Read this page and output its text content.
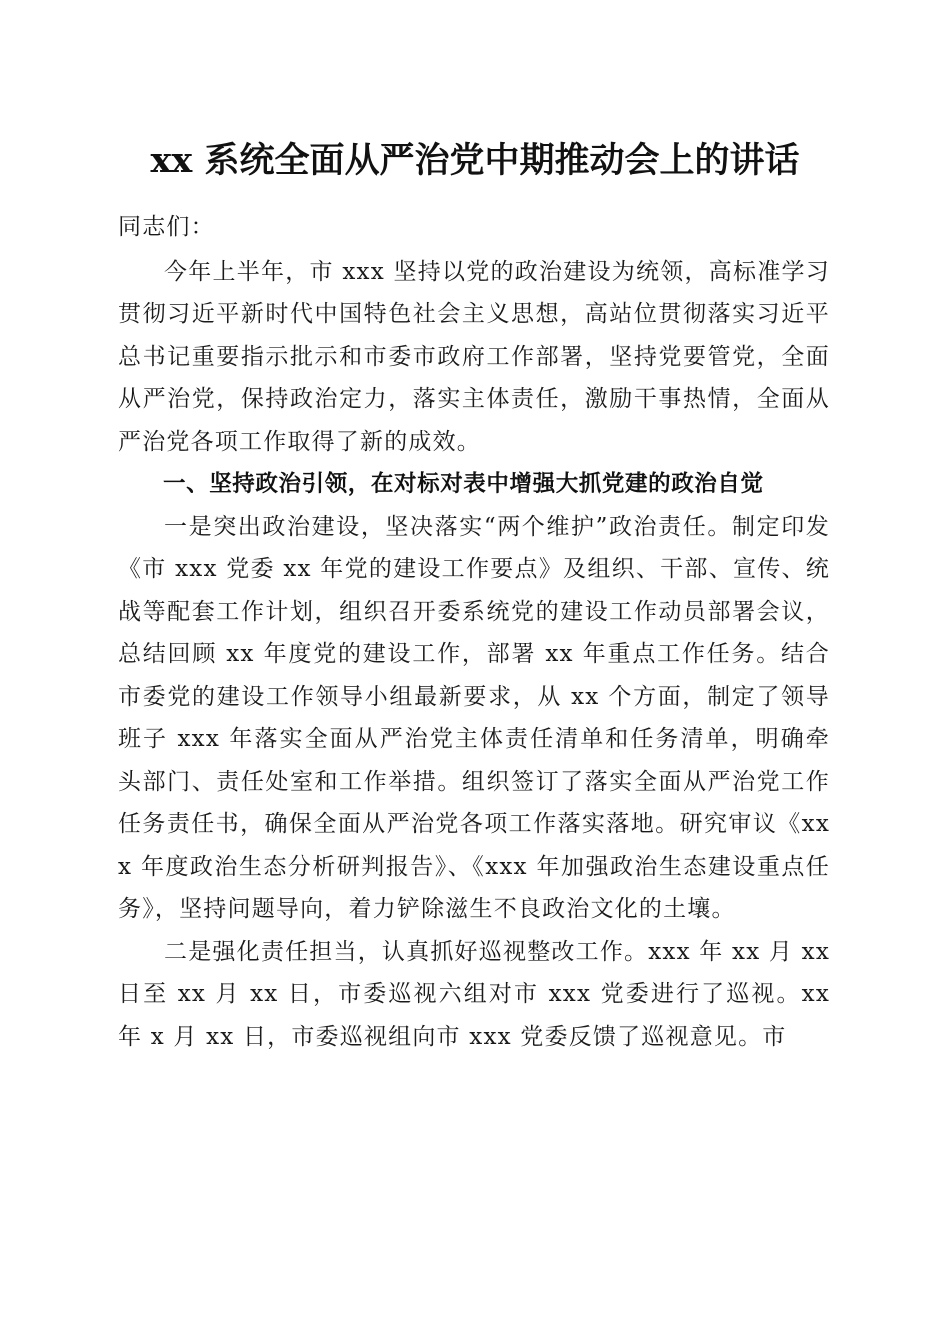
xx 系统全面从严治党中期推动会上的讲话

同志们：

今年上半年，市 xxx 坚持以党的政治建设为统领，高标准学习贯彻习近平新时代中国特色社会主义思想，高站位贯彻落实习近平总书记重要指示批示和市委市政府工作部署，坚持党要管党，全面从严治党，保持政治定力，落实主体责任，激励干事热情，全面从严治党各项工作取得了新的成效。

一、坚持政治引领，在对标对表中增强大抓党建的政治自觉

一是突出政治建设，坚决落实“两个维护”政治责任。制定印发《市 xxx 党委 xx 年党的建设工作要点》及组织、干部、宣传、统战等配套工作计划，组织召开委系统党的建设工作动员部署会议，总结回顾 xx 年度党的建设工作，部署 xx 年重点工作任务。结合市委党的建设工作领导小组最新要求，从 xx 个方面，制定了领导班子 xxx 年落实全面从严治党主体责任清单和任务清单，明确牵头部门、责任处室和工作举措。组织签订了落实全面从严治党工作任务责任书，确保全面从严治党各项工作落实落地。研究审议《xxx 年度政治生态分析研判报告》、《xxx 年加强政治生态建设重点任务》，坚持问题导向，着力铲除滋生不良政治文化的土壤。

二是强化责任担当，认真抓好巡视整改工作。xxx 年 xx 月 xx 日至 xx 月 xx 日，市委巡视六组对市 xxx 党委进行了巡视。xx 年 x 月 xx 日，市委巡视组向市 xxx 党委反馈了巡视意见。市
